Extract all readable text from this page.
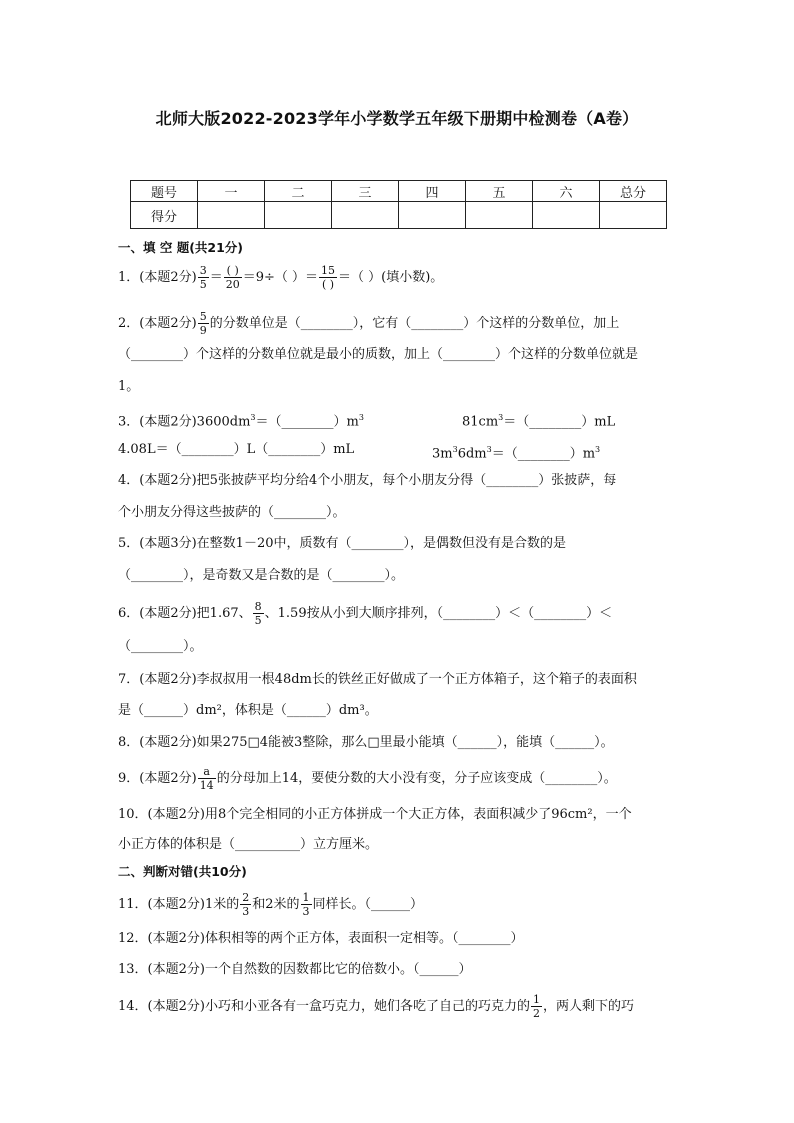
北师大版2022-2023学年小学数学五年级下册期中检测卷（A卷）
题号	一	二	三	四	五	六	总分
得分							
一、填 空 题(共21分)
1．(本题2分) $\frac{3}{5} = \frac{( )}{20} =9\div$（ ）＝ $\frac{15}{( )}$ ＝（ ）(填小数)。
2．(本题2分) $\frac{5}{9}$ 的分数单位是（________），它有（________）个这样的分数单位，加上
（________）个这样的分数单位就是最小的质数，加上（________）个这样的分数单位就是
1。
3．(本题2分)$3600dm^3=(\_\_\_\_\_\_\_\_)m^3$	$81cm^3=(\_\_\_\_\_\_\_\_)mL$
4.08L＝（________）L（________）mL	$3m^36dm^3=(\_\_\_\_\_\_\_\_)m^3$
4．(本题2分)把5张披萨平均分给4个小朋友，每个小朋友分得（________）张披萨，每
个小朋友分得这些披萨的（________）。
5．(本题3分)在整数1－20中，质数有（________），是偶数但没有是合数的是
（________），是奇数又是合数的是（________）。
6．(本题2分)把1.67、 $\frac{8}{5}$ 、1.59按从小到大顺序排列，（________）＜（________）＜
（________）。
7．(本题2分)李叔叔用一根48dm长的铁丝正好做成了一个正方体箱子，这个箱子的表面积
是（______）dm²，体积是（______）dm³。
8．(本题2分)如果275□4能被3整除，那么□里最小能填（______），能填（______）。
9．(本题2分) $\frac{a}{14}$ 的分母加上14，要使分数的大小没有变，分子应该变成（________）。
10．(本题2分)用8个完全相同的小正方体拼成一个大正方体，表面积减少了96cm²，一个
小正方体的体积是（__________）立方厘米。
二、判断对错(共10分)
11．(本题2分)1米的 $\frac{2}{3}$ 和2米的 $\frac{1}{3}$ 同样长。（______）
12．(本题2分)体积相等的两个正方体，表面积一定相等。（________）
13．(本题2分)一个自然数的因数都比它的倍数小。（______）
14．(本题2分)小巧和小亚各有一盒巧克力，她们各吃了自己的巧克力的 $\frac{1}{2}$ ，两人剩下的巧
